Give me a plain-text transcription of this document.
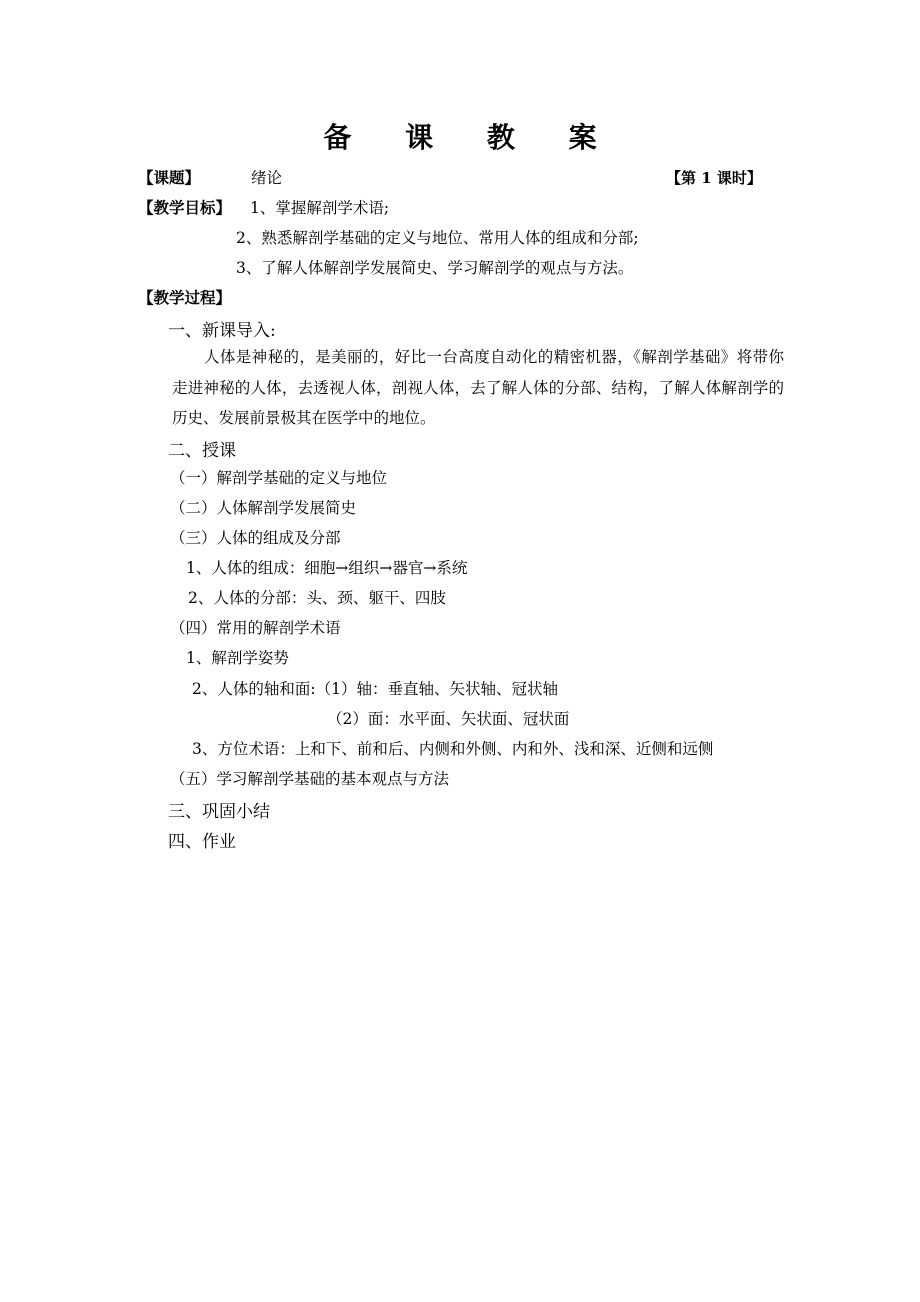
备 课 教 案
【课题】	绪论	【第 1 课时】
【教学目标】 1、掌握解剖学术语;
2、熟悉解剖学基础的定义与地位、常用人体的组成和分部;
3、了解人体解剖学发展简史、学习解剖学的观点与方法。
【教学过程】
一、新课导入:
人体是神秘的，是美丽的，好比一台高度自动化的精密机器，《解剖学基础》将带你走进神秘的人体，去透视人体，剖视人体，去了解人体的分部、结构，了解人体解剖学的历史、发展前景极其在医学中的地位。
二、授课
（一）解剖学基础的定义与地位
（二）人体解剖学发展简史
（三）人体的组成及分部
1、人体的组成：细胞→组织→器官→系统
2、人体的分部：头、颈、躯干、四肢
（四）常用的解剖学术语
1、解剖学姿势
2、人体的轴和面:（1）轴：垂直轴、矢状轴、冠状轴
（2）面：水平面、矢状面、冠状面
3、方位术语：上和下、前和后、内侧和外侧、内和外、浅和深、近侧和远侧
（五）学习解剖学基础的基本观点与方法
三、巩固小结
四、作业
